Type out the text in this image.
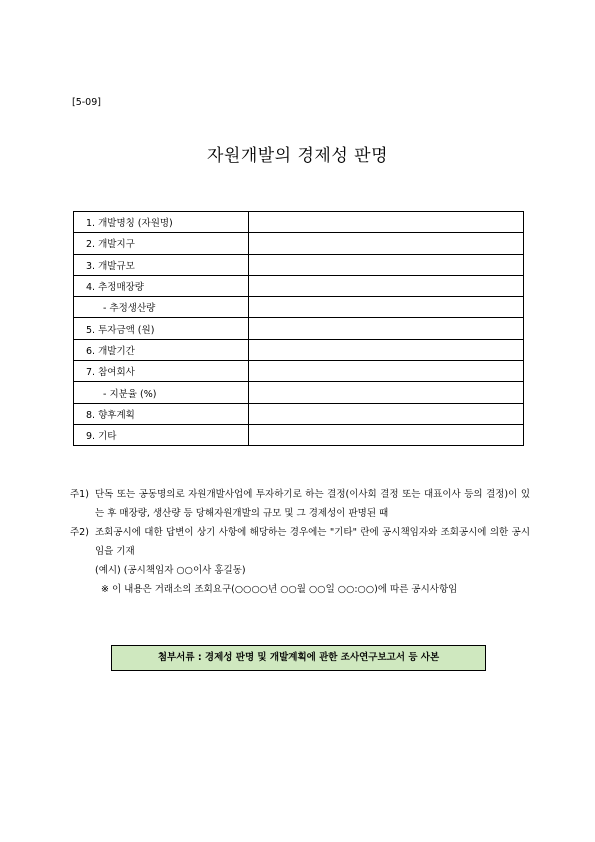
[5-09]
자원개발의 경제성 판명
1. 개발명칭 (자원명)	
2. 개발지구	
3. 개발규모	
4. 추정매장량	
- 추정생산량	
5. 투자금액 (원)	
6. 개발기간	
7. 참여회사	
- 지분율 (%)	
8. 향후계획	
9. 기타	
주1) 단독 또는 공동명의로 자원개발사업에 투자하기로 하는 결정(이사회 결정 또는 대표이사 등의 결정)이 있는 후 매장량, 생산량 등 당해자원개발의 규모 및 그 경제성이 판명된 때
주2) 조회공시에 대한 답변이 상기 사항에 해당하는 경우에는 "기타" 란에 공시책임자와 조회공시에 의한 공시임을 기재
(예시) (공시책임자 ○○이사 홍길동)
※ 이 내용은 거래소의 조회요구(○○○○년 ○○월 ○○일 ○○:○○)에 따른 공시사항임
첨부서류 : 경제성 판명 및 개발계획에 관한 조사연구보고서 등 사본
